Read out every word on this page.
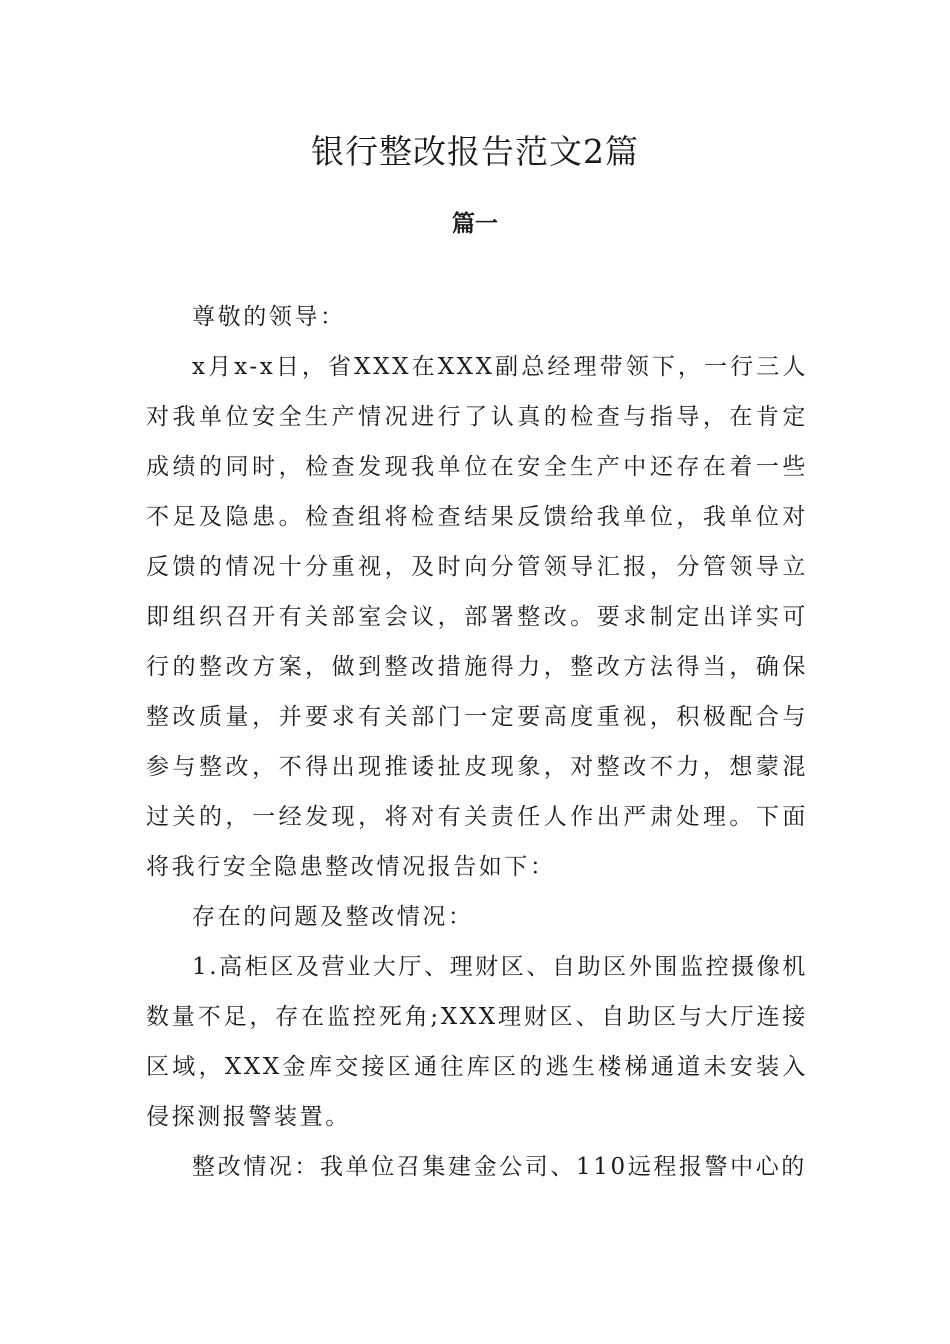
银行整改报告范文2篇
篇一

尊敬的领导：

x月x-x日，省XXX在XXX副总经理带领下，一行三人对我单位安全生产情况进行了认真的检查与指导，在肯定成绩的同时，检查发现我单位在安全生产中还存在着一些不足及隐患。检查组将检查结果反馈给我单位，我单位对反馈的情况十分重视，及时向分管领导汇报，分管领导立即组织召开有关部室会议，部署整改。要求制定出详实可行的整改方案，做到整改措施得力，整改方法得当，确保整改质量，并要求有关部门一定要高度重视，积极配合与参与整改，不得出现推诿扯皮现象，对整改不力，想蒙混过关的，一经发现，将对有关责任人作出严肃处理。下面将我行安全隐患整改情况报告如下：

存在的问题及整改情况：

1.高柜区及营业大厅、理财区、自助区外围监控摄像机数量不足，存在监控死角;XXX理财区、自助区与大厅连接区域，XXX金库交接区通往库区的逃生楼梯通道未安装入侵探测报警装置。

整改情况：我单位召集建金公司、110远程报警中心的
